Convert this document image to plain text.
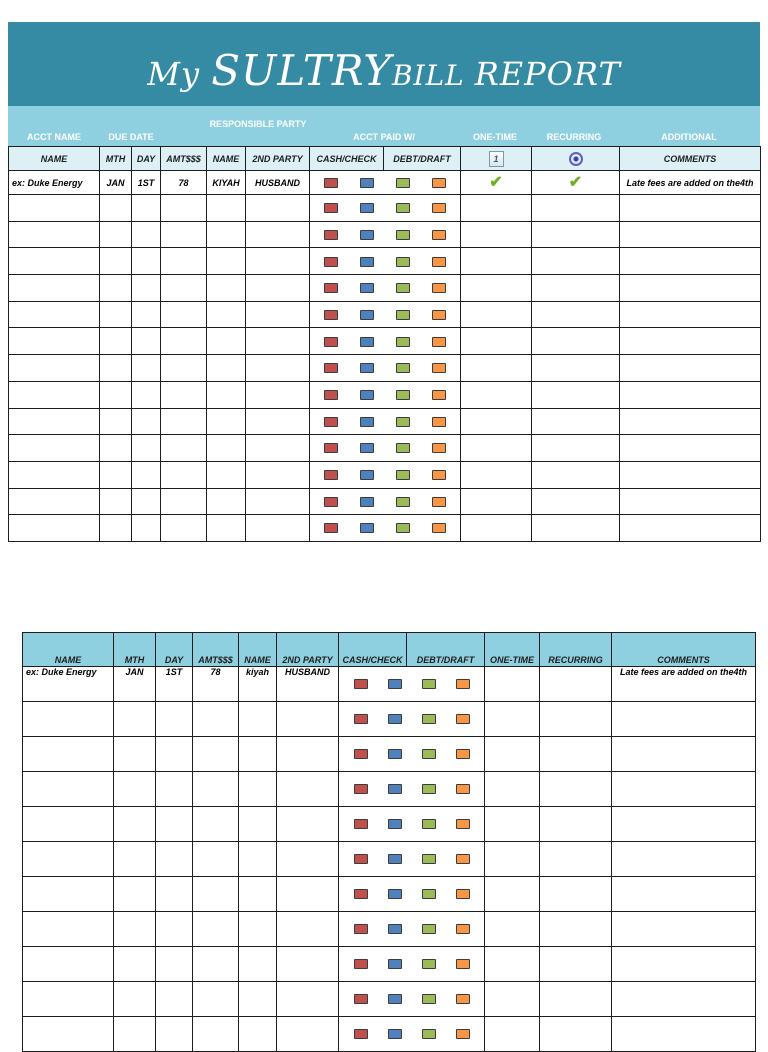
My SULTRYBILL REPORT
ACCT NAME	DUE DATE
RESPONSIBLE PARTY
ACCT PAID W/	ONE-TIME	RECURRING	ADDITIONAL
NAME	MTH	DAY	AMT$$$	NAME	2ND PARTY	CASH/CHECK	DEBT/DRAFT	1		COMMENTS
ex: Duke Energy	JAN	1ST	78	KIYAH	HUSBAND			✔	✔	Late fees are added on the4th

NAME	MTH	DAY	AMT$$$	NAME	2ND PARTY	CASH/CHECK	DEBT/DRAFT	ONE-TIME	RECURRING	COMMENTS
ex: Duke Energy	JAN	1ST	78	kiyah	HUSBAND					Late fees are added on the4th
